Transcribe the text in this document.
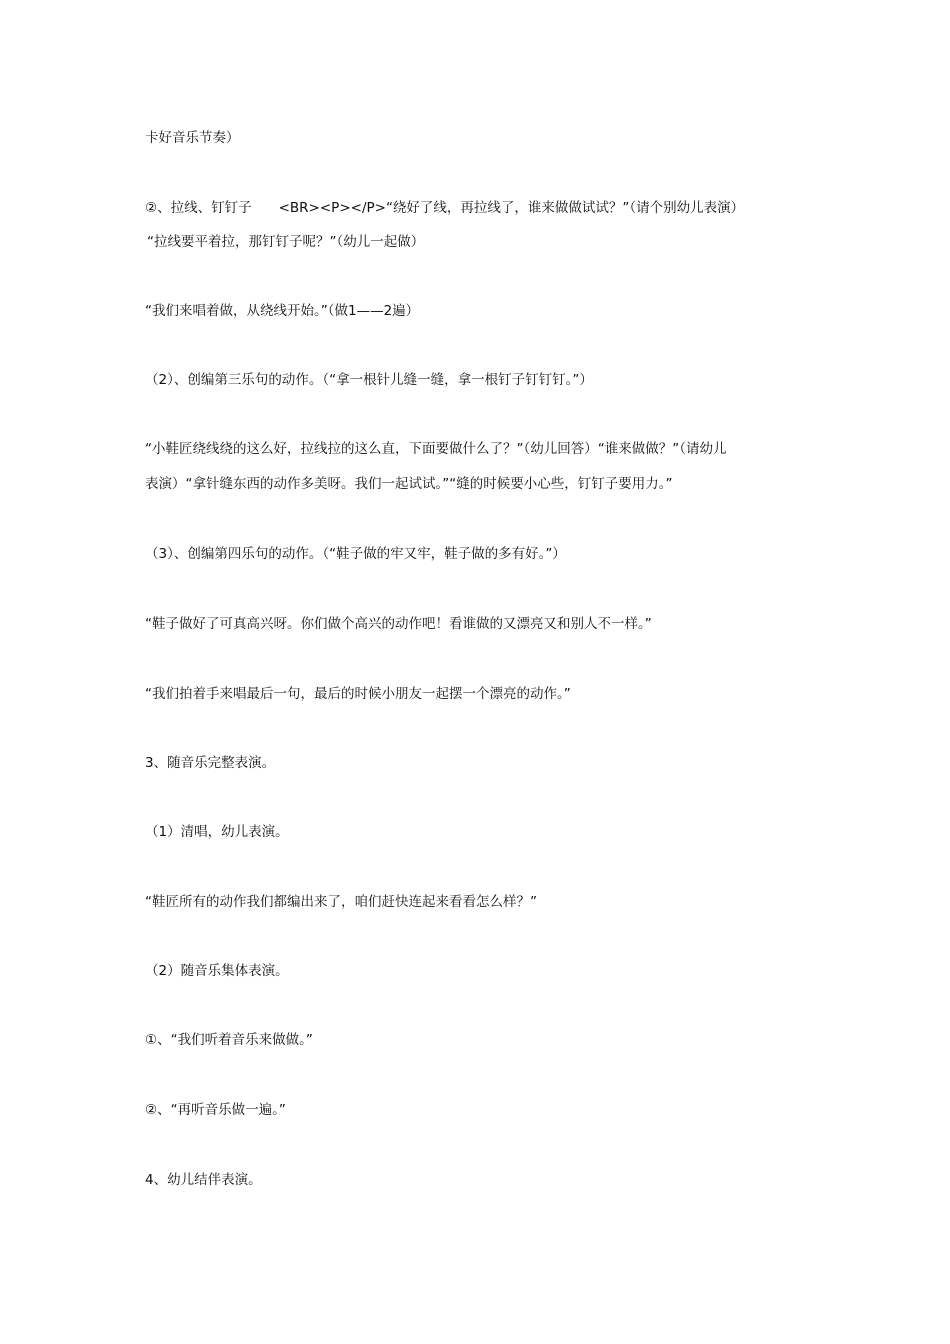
卡好音乐节奏）
②、拉线、钉钉子　　<BR><P></P>“绕好了线，再拉线了，谁来做做试试？”（请个别幼儿表演）
“拉线要平着拉，那钉钉子呢？”（幼儿一起做）
“我们来唱着做，从绕线开始。”（做1——2遍）
（2）、创编第三乐句的动作。（“拿一根针儿缝一缝，拿一根钉子钉钉钉。”）
“小鞋匠绕线绕的这么好，拉线拉的这么直，下面要做什么了？”（幼儿回答）“谁来做做？”（请幼儿
表演）“拿针缝东西的动作多美呀。我们一起试试。”“缝的时候要小心些，钉钉子要用力。”
（3）、创编第四乐句的动作。（“鞋子做的牢又牢，鞋子做的多有好。”）
“鞋子做好了可真高兴呀。你们做个高兴的动作吧！看谁做的又漂亮又和别人不一样。”
“我们拍着手来唱最后一句，最后的时候小朋友一起摆一个漂亮的动作。”
3、随音乐完整表演。
（1）清唱，幼儿表演。
“鞋匠所有的动作我们都编出来了，咱们赶快连起来看看怎么样？”
（2）随音乐集体表演。
①、“我们听着音乐来做做。”
②、“再听音乐做一遍。”
4、幼儿结伴表演。
